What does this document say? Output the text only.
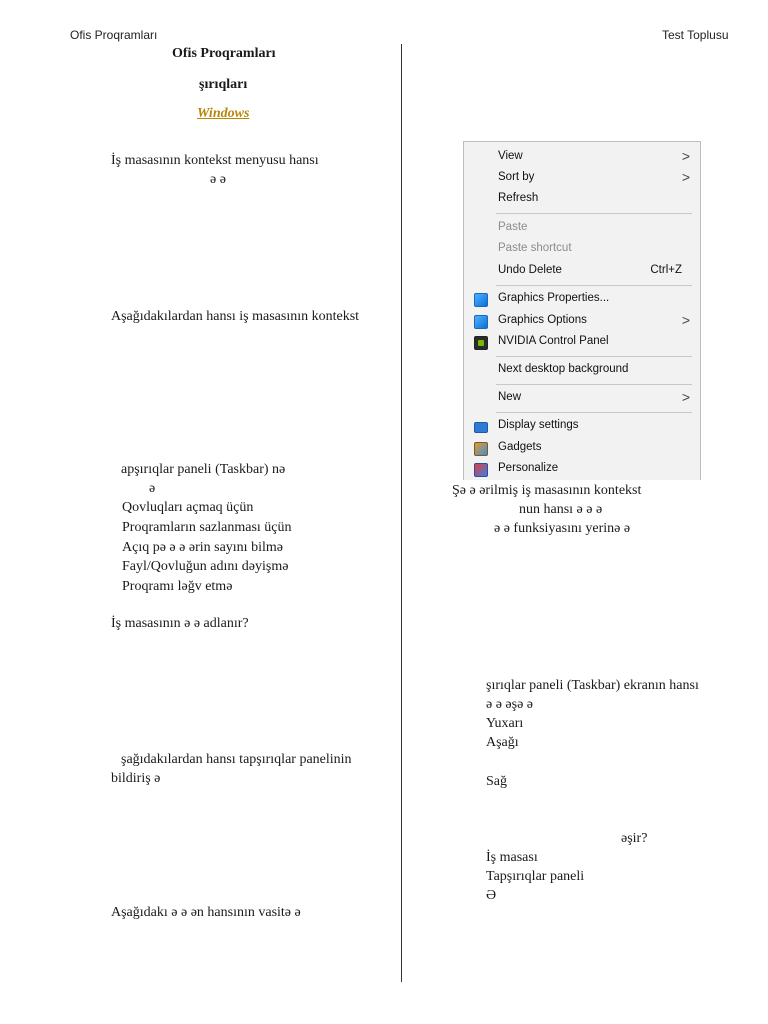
Ofis Proqramları	Test Toplusu
Ofis Proqramları
şırıqları
Windows
İş masasının kontekst menyusu hansı
ə ə
Aşağıdakılardan hansı iş masasının kontekst
apşırıqlar paneli (Taskbar) nə
ə
Qovluqları açmaq üçün
Proqramların sazlanması üçün
Açıq pə ə ə ərin sayını bilmə
Fayl/Qovluğun adını dəyişmə
Proqramı ləğv etmə
İş masasının ə ə adlanır?
şağıdakılardan hansı tapşırıqlar panelinin
bildiriş ə
Aşağıdakı ə ə ən hansının vasitə ə
View	>
Sort by	>
Refresh
Paste
Paste shortcut
Undo Delete	Ctrl+Z
Graphics Properties...
Graphics Options	>
NVIDIA Control Panel
Next desktop background
New	>
Display settings
Gadgets
Personalize
Şə ə ərilmiş iş masasının kontekst
nun hansı ə ə ə
ə ə funksiyasını yerinə ə
şırıqlar paneli (Taskbar) ekranın hansı
ə ə əşə ə
Yuxarı
Aşağı
Sağ
əşir?
İş masası
Tapşırıqlar paneli
Ə
